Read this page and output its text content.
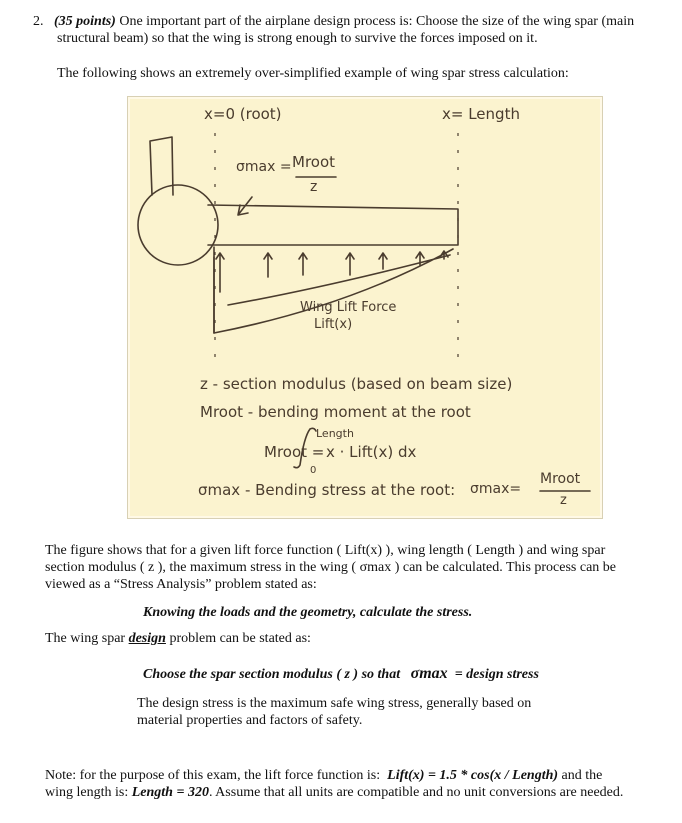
2. (35 points) One important part of the airplane design process is: Choose the size of the wing spar (main
structural beam) so that the wing is strong enough to survive the forces imposed on it.
The following shows an extremely over-simplified example of wing spar stress calculation:
x=0 (root)	x= Length
σmax = Mroot
z
Wing Lift Force
Lift(x)
z - section modulus (based on beam size)
Mroot - bending moment at the root
Mroot =
Length
0
x · Lift(x) dx
σmax - Bending stress at the root: σmax=
Mroot
z
The figure shows that for a given lift force function ( Lift(x) ), wing length ( Length ) and wing spar
section modulus ( z ), the maximum stress in the wing ( σmax ) can be calculated. This process can be
viewed as a “Stress Analysis” problem stated as:
Knowing the loads and the geometry, calculate the stress.
The wing spar design problem can be stated as:
Choose the spar section modulus ( z ) so that σmax = design stress
The design stress is the maximum safe wing stress, generally based on
material properties and factors of safety.
Note: for the purpose of this exam, the lift force function is: Lift(x) = 1.5 * cos(x / Length) and the
wing length is: Length = 320. Assume that all units are compatible and no unit conversions are needed.
